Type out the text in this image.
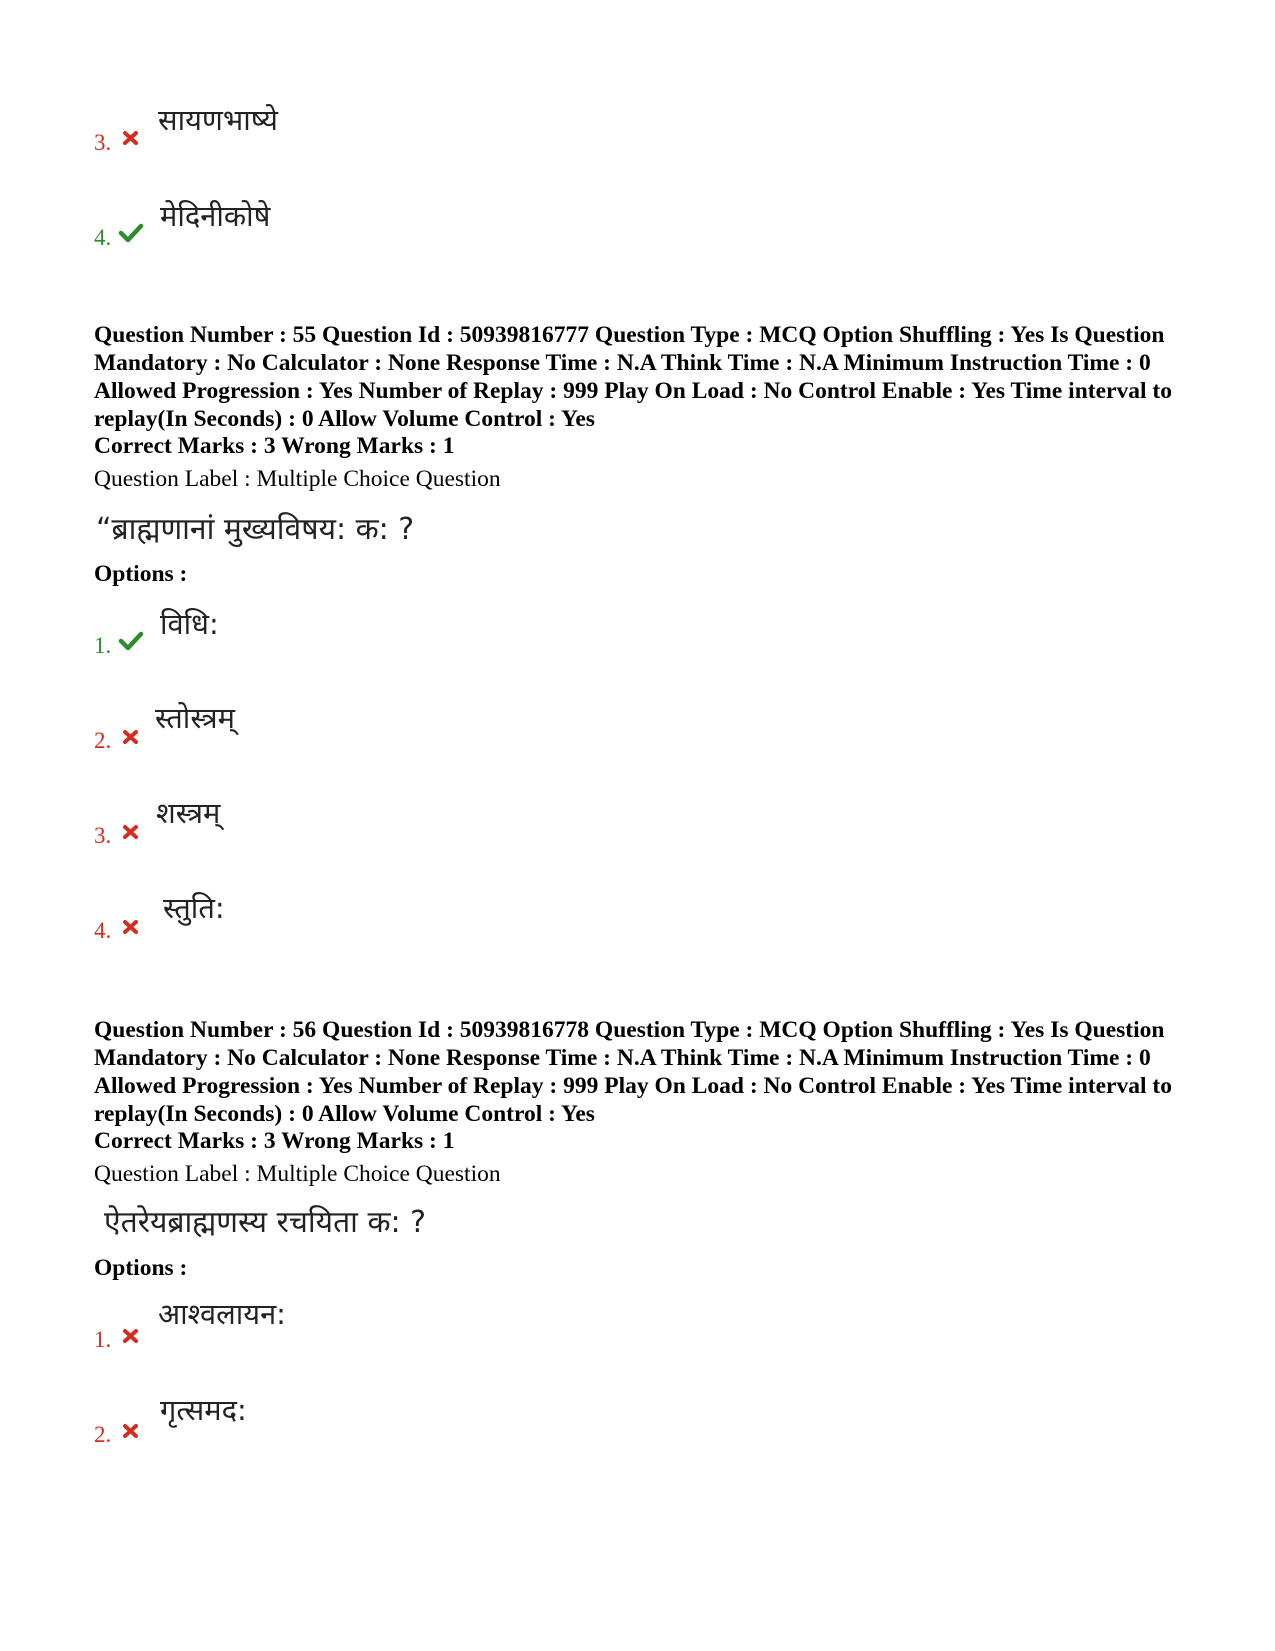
3.
सायणभाष्ये
4.
मेदिनीकोषे
Question Number : 55 Question Id : 50939816777 Question Type : MCQ Option Shuffling : Yes Is Question Mandatory : No Calculator : None Response Time : N.A Think Time : N.A Minimum Instruction Time : 0 Allowed Progression : Yes Number of Replay : 999 Play On Load : No Control Enable : Yes Time interval to replay(In Seconds) : 0 Allow Volume Control : Yes
Correct Marks : 3 Wrong Marks : 1
Question Label : Multiple Choice Question
“ब्राह्मणानां मुख्यविषय: क: ?
Options :
1.
विधि:
2.
स्तोस्त्रम्
3.
शस्त्रम्
4.
स्तुति:
Question Number : 56 Question Id : 50939816778 Question Type : MCQ Option Shuffling : Yes Is Question Mandatory : No Calculator : None Response Time : N.A Think Time : N.A Minimum Instruction Time : 0 Allowed Progression : Yes Number of Replay : 999 Play On Load : No Control Enable : Yes Time interval to replay(In Seconds) : 0 Allow Volume Control : Yes
Correct Marks : 3 Wrong Marks : 1
Question Label : Multiple Choice Question
ऐतरेयब्राह्मणस्य रचयिता क: ?
Options :
1.
आश्वलायन:
2.
गृत्समद:
